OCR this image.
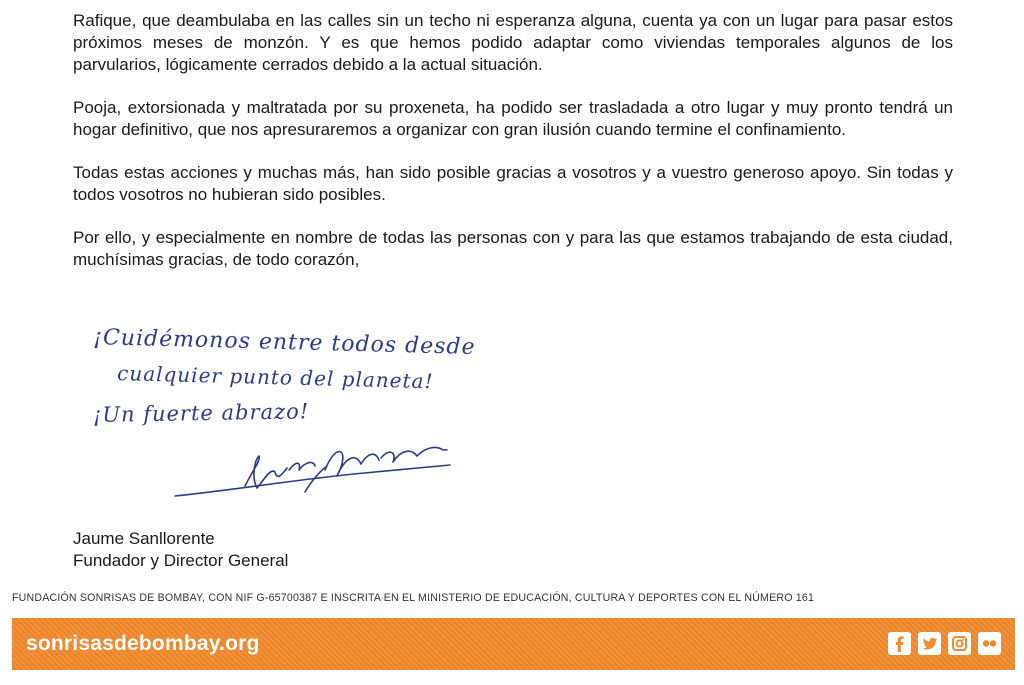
Rafique, que deambulaba en las calles sin un techo ni esperanza alguna, cuenta ya con un lugar para pasar estos próximos meses de monzón. Y es que hemos podido adaptar como viviendas temporales algunos de los parvularios, lógicamente cerrados debido a la actual situación.

Pooja, extorsionada y maltratada por su proxeneta, ha podido ser trasladada a otro lugar y muy pronto tendrá un hogar definitivo, que nos apresuraremos a organizar con gran ilusión cuando termine el confinamiento.

Todas estas acciones y muchas más, han sido posible gracias a vosotros y a vuestro generoso apoyo. Sin todas y todos vosotros no hubieran sido posibles.

Por ello, y especialmente en nombre de todas las personas con y para las que estamos trabajando de esta ciudad, muchísimas gracias, de todo corazón,

¡Cuidémonos entre todos desde
cualquier punto del planeta!
¡Un fuerte abrazo!
Jaume Sanllorente
Fundador y Director General
FUNDACIÓN SONRISAS DE BOMBAY, CON NIF G-65700387 E INSCRITA EN EL MINISTERIO DE EDUCACIÓN, CULTURA Y DEPORTES CON EL NÚMERO 161
sonrisasdebombay.org
